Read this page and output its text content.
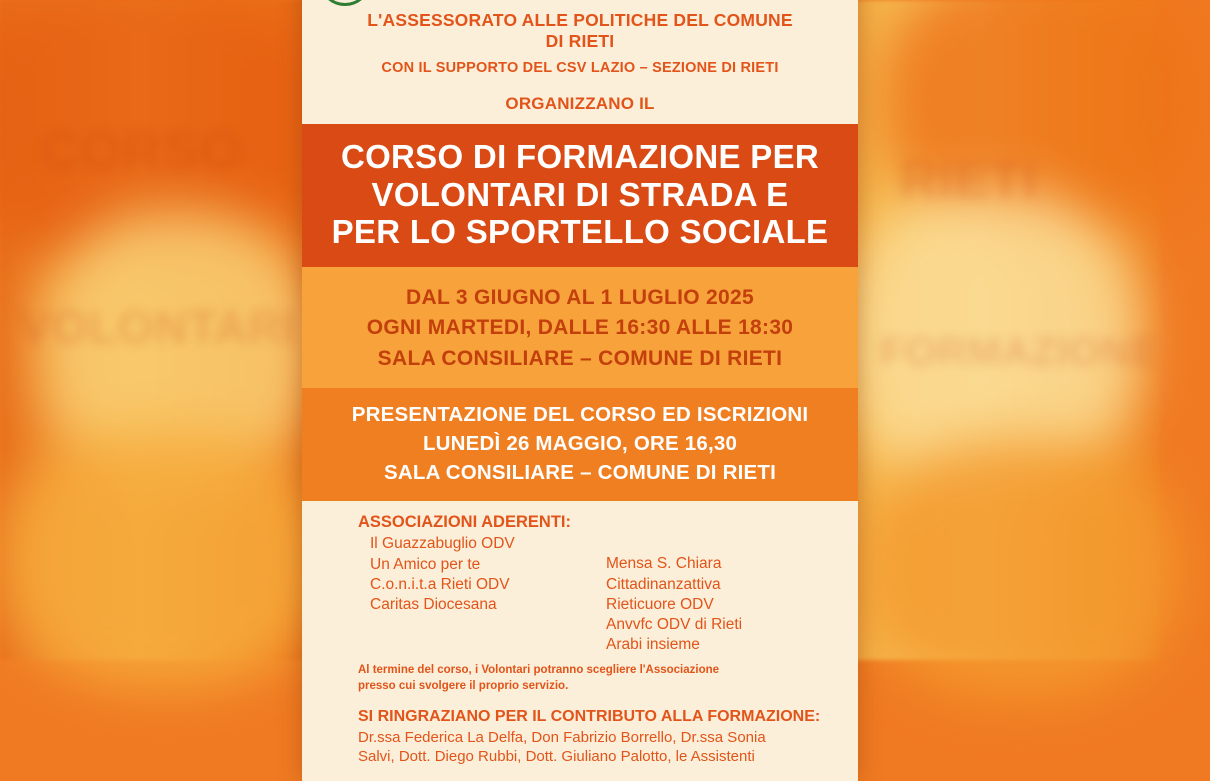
CORSO
VOLONTARI
RIETI
FORMAZIONE
L'ASSESSORATO ALLE POLITICHE DEL COMUNE
DI RIETI
CON IL SUPPORTO DEL CSV LAZIO – SEZIONE DI RIETI
ORGANIZZANO IL
CORSO DI FORMAZIONE PER
VOLONTARI DI STRADA E
PER LO SPORTELLO SOCIALE
DAL 3 GIUGNO AL 1 LUGLIO 2025
OGNI MARTEDI, DALLE 16:30 ALLE 18:30
SALA CONSILIARE – COMUNE DI RIETI
PRESENTAZIONE DEL CORSO ED ISCRIZIONI
LUNEDÌ 26 MAGGIO, ORE 16,30
SALA CONSILIARE – COMUNE DI RIETI
ASSOCIAZIONI ADERENTI:
Il Guazzabuglio ODV
Un Amico per te
C.o.n.i.t.a Rieti ODV
Caritas Diocesana
Mensa S. Chiara
Cittadinanzattiva
Rieticuore ODV
Anvvfc ODV di Rieti
Arabi insieme
Al termine del corso, i Volontari potranno scegliere l'Associazione
presso cui svolgere il proprio servizio.
SI RINGRAZIANO PER IL CONTRIBUTO ALLA FORMAZIONE:
Dr.ssa Federica La Delfa, Don Fabrizio Borrello, Dr.ssa Sonia
Salvi, Dott. Diego Rubbi, Dott. Giuliano Palotto, le Assistenti
